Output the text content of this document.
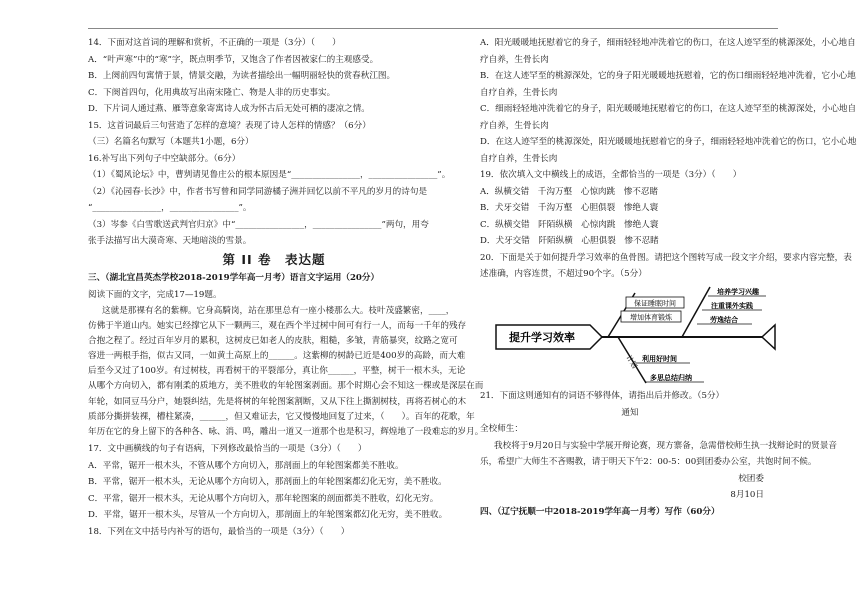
14．下面对这首词的理解和赏析，不正确的一项是（3分）（　　）
A．“叶声寒”中的“寒”字，既点明季节，又饱含了作者因被家仁的主观感受。
B．上阕前四句寓情于景，情景交融，为读者描绘出一幅明丽轻快的赏春秋江图。
C．下阕首四句，化用典故写出南宋隆亡、物是人非的历史事实。
D．下片词人通过燕、雁等意象寄寓诗人成为怀古后无处可栖的凄凉之情。
15．这首词最后三句营造了怎样的意境？表现了诗人怎样的情感？（6分）
（三）名篇名句默写（本题共1小题，6分）
16.补写出下列句子中空缺部分。（6分）
（1）《蜀风论坛》中，曹刿请见鲁庄公的根本原因是“________________，________________”。
（2）《沁园春·长沙》中，作者书写曾和同学同游橘子洲并回忆以前不平凡的岁月的诗句是
“________________，________________”。
（3）岑参《白雪歌送武判官归京》中“________________，________________”两句，用夸
张手法描写出大漠奇寒、天地暗淡的雪景。
第 II 卷　表达题
三、（湖北宜昌英杰学校2018-2019学年高一月考）语言文字运用（20分）
阅读下面的文字，完成17—19题。
这就是那裸有名的紫柳。它身高騎岗，站在那里总有一座小楼那么大。枝叶茂盛繁密，____，
仿佛于半道山内。她实已经撑它从下一颗两三，观在西个半过树中间可有行一人，而每一千年的残存
合抱之程了。经过百年岁月的累积，这树皮已如老人的皮肤，粗糙，多皱，青筋暴突，纹路之宽可
容进一两根手指，似古又同，一如黄土高原上的______。这紫柳的树龄已近是400岁的高龄，而大难
后至今又过了100岁。有过树枝，再看树干的平裂部分，真让你______，平整，树干一根木头，无论
从哪个方向切入，都有刚柔的质地方，美不胜收的年轮图案剥面。那个时期心会不知这一棵或是深层在而
年轮，如同豆马分户，她裂纠结，先是将树的年轮图案割断，又从下往上撕割树枝，再将若树心的木
质部分撕拼装裸，槽柱紧凑，______，但又难证去，它又慢慢地回复了过来，（　　）。百年的花歌，年
年历在它的身上留下的各种各、咏、消、鸣，雕出一道又一道那个也是积习，辉煌地了一段难忘的岁月。
17．文中画横线的句子有语病，下列修改最恰当的一项是（3分）（　　）
A．平常，锯开一根木头，不管从哪个方向切入，那剖面上的年轮图案都美不胜收。
B．平常，锯开一根木头，无论从哪个方向切入，那剖面上的年轮图案都幻化无穷，美不胜收。
C．平常，锯开一根木头，无论从哪个方向切入，那年轮图案的剖面都美不胜收，幻化无穷。
D．平常，锯开一根木头，尽管从一个方向切入，那剖面上的年轮图案都幻化无穷，美不胜收。
18．下列在文中括号内补写的语句，最恰当的一项是（3分）（　　）
A．阳光暖暖地抚慰着它的身子，细雨轻轻地冲洗着它的伤口，在这人迹罕至的桃源深处，小心地自
疗自养，生骨长肉
B．在这人迹罕至的桃源深处，它的身子阳光暖暖地抚慰着，它的伤口细雨轻轻地冲洗着，它小心地
自疗自养，生骨长肉
C．细雨轻轻地冲洗着它的身子，阳光暖暖地抚慰着它的伤口，在这人迹罕至的桃源深处，小心地自
疗自养，生骨长肉
D．在这人迹罕至的桃源深处，阳光暖暖地抚慰着它的身子，细雨轻轻地冲洗着它的伤口，它小心地
自疗自养，生骨长肉
19．依次填入文中横线上的成语，全都恰当的一项是（3分）（　　）
A．纵横交错　千沟万壑　心惊肉跳　惨不忍睹
B．犬牙交错　千沟万壑　心胆俱裂　惨绝人寰
C．纵横交错　阡陌纵横　心惊肉跳　惨绝人寰
D．犬牙交错　阡陌纵横　心胆俱裂　惨不忍睹
20．下面是关于如何提升学习效率的鱼骨图。请把这个图转写成一段文字介绍，要求内容完整，表
述准确，内容连贯，不超过90个字。（5分）
提升学习效率
保证睡眠时间
增加体育锻炼
培养学习兴趣
注重课外实践
劳逸结合
计划 利用好时间
多思总结归纳
21．下面这则通知有的词语不够得体，请指出后并修改。（5分）
通知
全校师生：
我校将于9月20日与实验中学展开辩论赛，现方寨备，急需借校师生执一找辩论时的贤景音
乐，希望广大师生不吝赐教，请于明天下午2：00-5：00到团委办公室，共饱时间不候。
校团委
8月10日
四、（辽宁抚顺一中2018-2019学年高一月考）写作（60分）
